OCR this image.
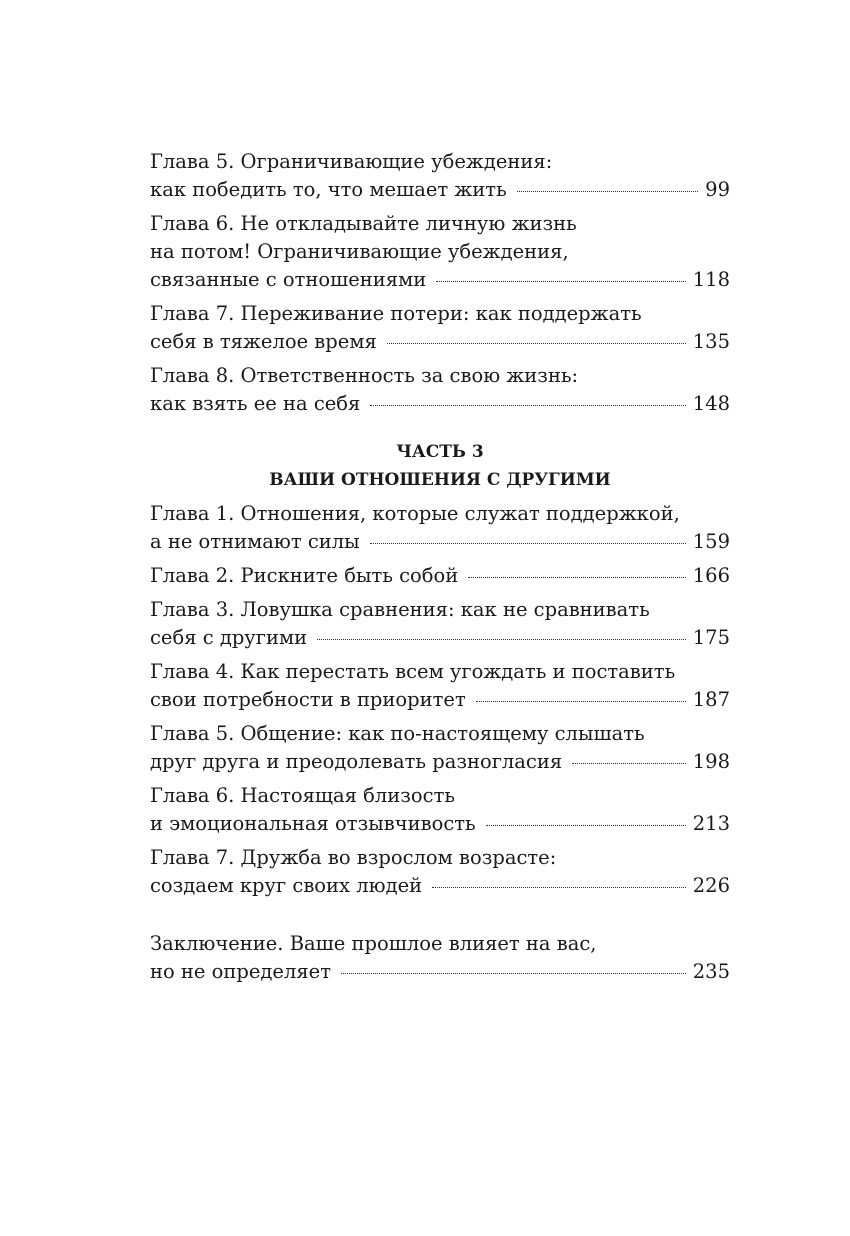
Глава 5. Ограничивающие убеждения:
как победить то, что мешает жить	99
Глава 6. Не откладывайте личную жизнь
на потом! Ограничивающие убеждения,
связанные с отношениями	118
Глава 7. Переживание потери: как поддержать
себя в тяжелое время	135
Глава 8. Ответственность за свою жизнь:
как взять ее на себя	148
ЧАСТЬ 3
ВАШИ ОТНОШЕНИЯ С ДРУГИМИ
Глава 1. Отношения, которые служат поддержкой,
а не отнимают силы	159
Глава 2. Рискните быть собой	166
Глава 3. Ловушка сравнения: как не сравнивать
себя с другими	175
Глава 4. Как перестать всем угождать и поставить
свои потребности в приоритет	187
Глава 5. Общение: как по-настоящему слышать
друг друга и преодолевать разногласия	198
Глава 6. Настоящая близость
и эмоциональная отзывчивость	213
Глава 7. Дружба во взрослом возрасте:
создаем круг своих людей	226
Заключение. Ваше прошлое влияет на вас,
но не определяет	235
